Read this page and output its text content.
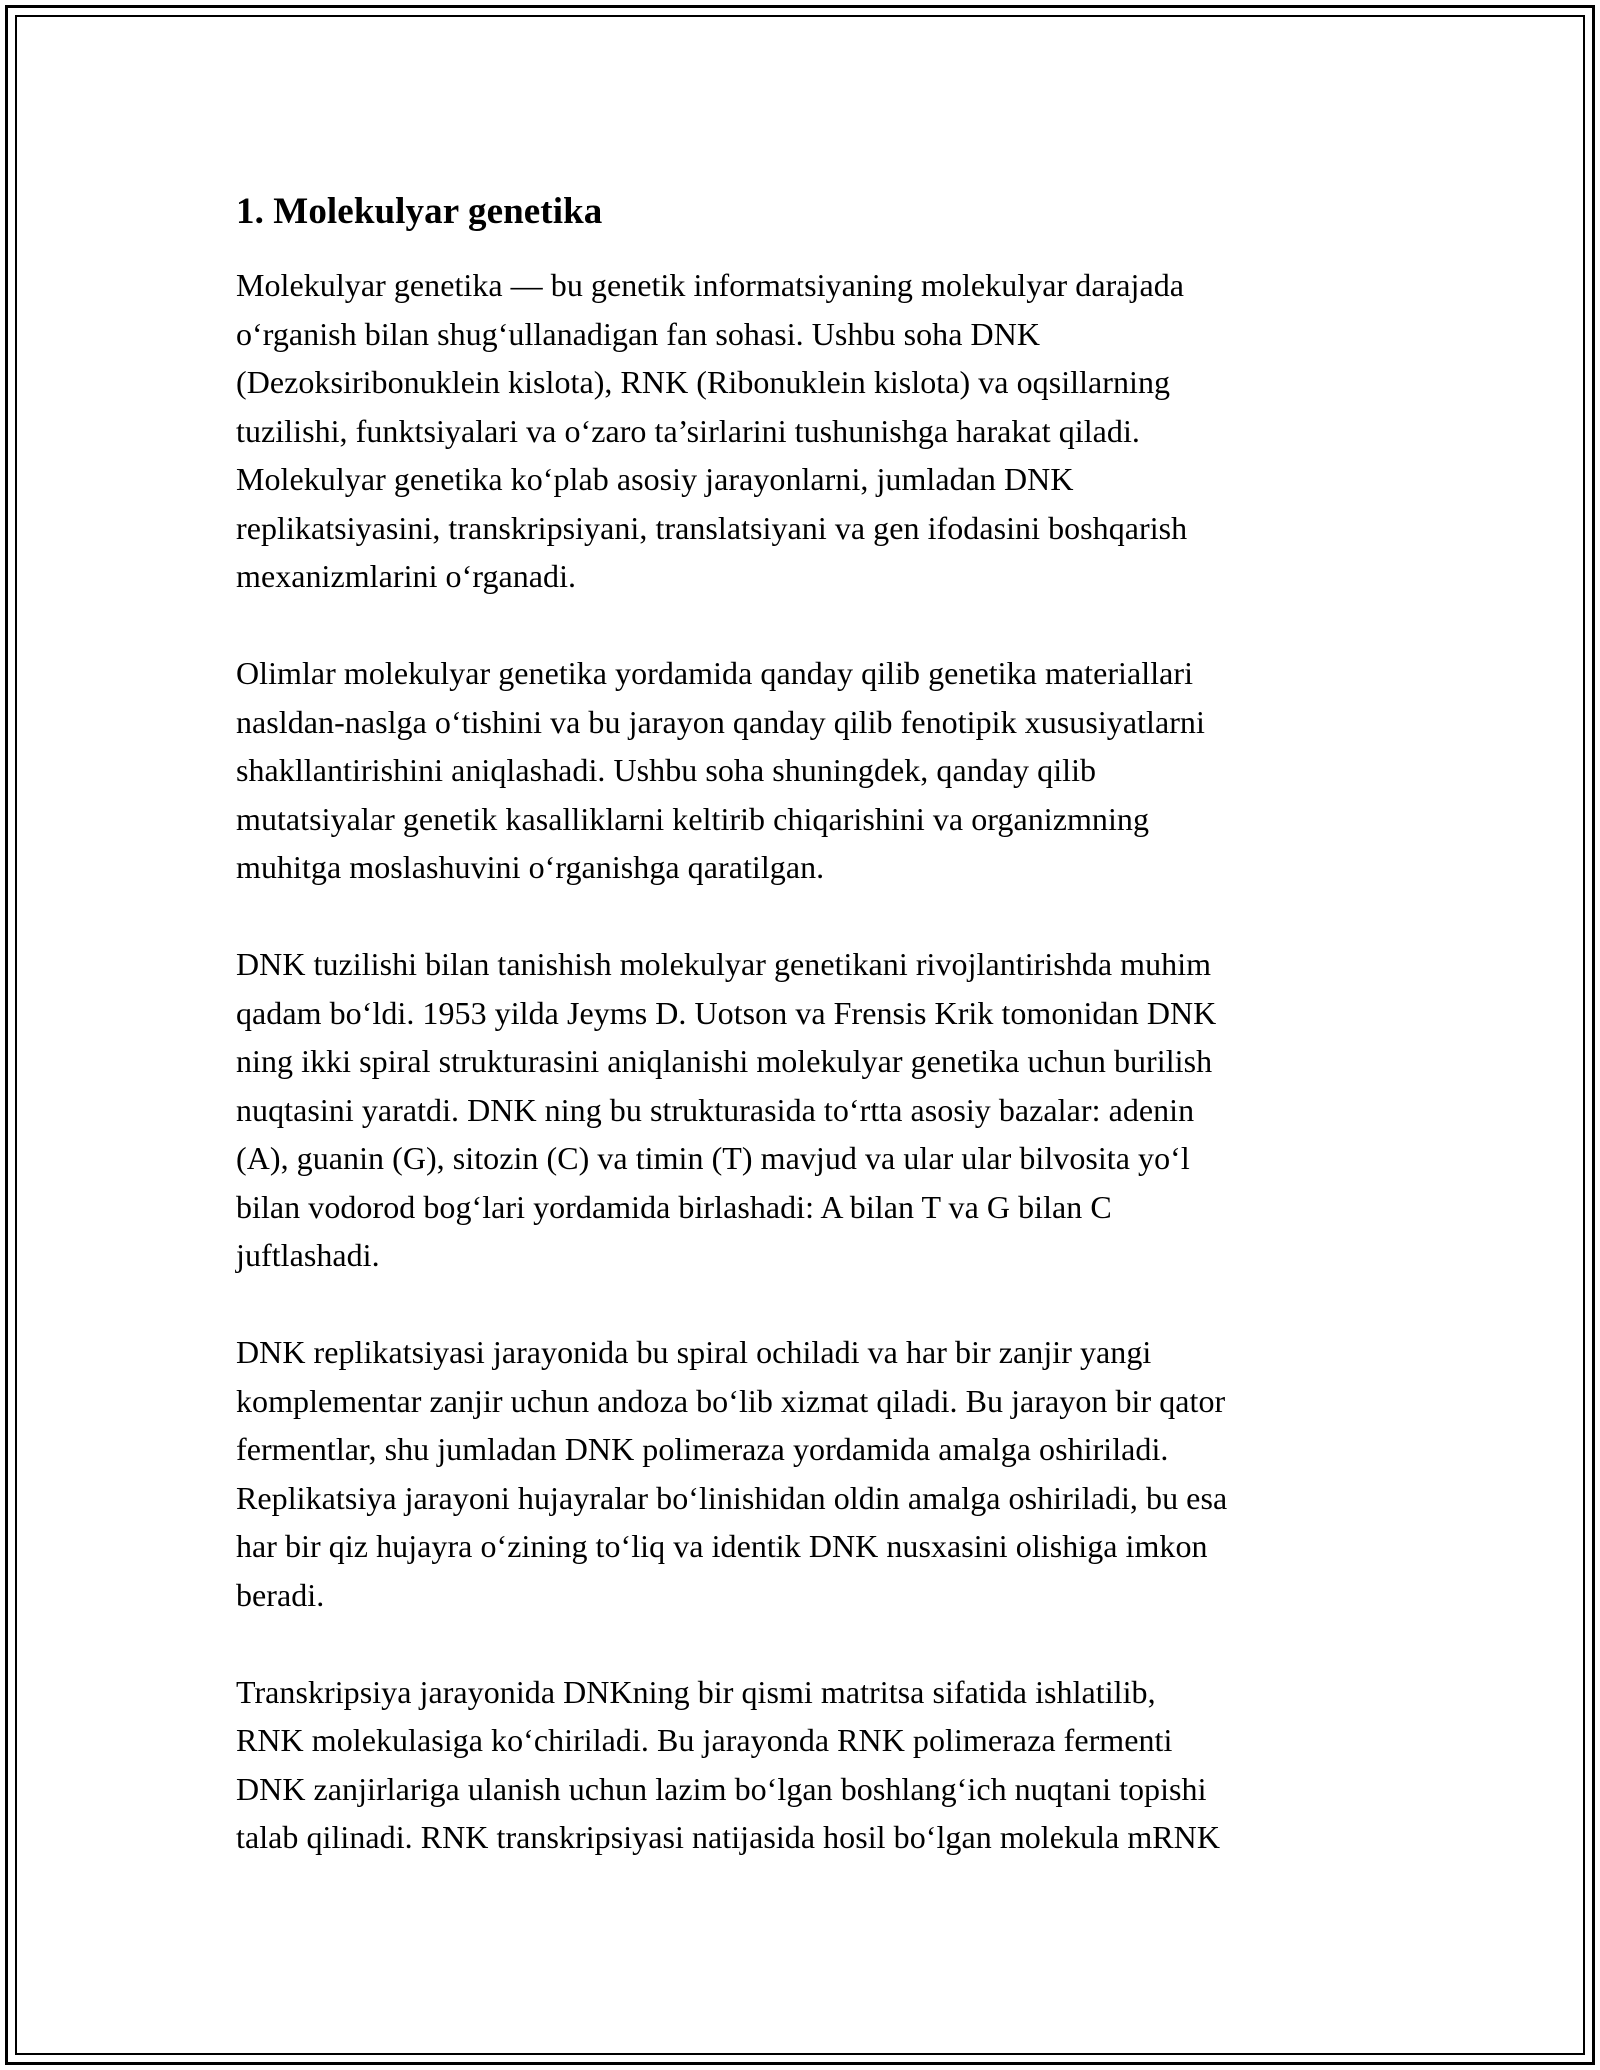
1. Molekulyar genetika

Molekulyar genetika — bu genetik informatsiyaning molekulyar darajada
o‘rganish bilan shug‘ullanadigan fan sohasi. Ushbu soha DNK
(Dezoksiribonuklein kislota), RNK (Ribonuklein kislota) va oqsillarning
tuzilishi, funktsiyalari va o‘zaro ta’sirlarini tushunishga harakat qiladi.
Molekulyar genetika ko‘plab asosiy jarayonlarni, jumladan DNK
replikatsiyasini, transkripsiyani, translatsiyani va gen ifodasini boshqarish
mexanizmlarini o‘rganadi.

Olimlar molekulyar genetika yordamida qanday qilib genetika materiallari
nasldan-naslga o‘tishini va bu jarayon qanday qilib fenotipik xususiyatlarni
shakllantirishini aniqlashadi. Ushbu soha shuningdek, qanday qilib
mutatsiyalar genetik kasalliklarni keltirib chiqarishini va organizmning
muhitga moslashuvini o‘rganishga qaratilgan.

DNK tuzilishi bilan tanishish molekulyar genetikani rivojlantirishda muhim
qadam bo‘ldi. 1953 yilda Jeyms D. Uotson va Frensis Krik tomonidan DNK
ning ikki spiral strukturasini aniqlanishi molekulyar genetika uchun burilish
nuqtasini yaratdi. DNK ning bu strukturasida to‘rtta asosiy bazalar: adenin
(A), guanin (G), sitozin (C) va timin (T) mavjud va ular ular bilvosita yo‘l
bilan vodorod bog‘lari yordamida birlashadi: A bilan T va G bilan C
juftlashadi.

DNK replikatsiyasi jarayonida bu spiral ochiladi va har bir zanjir yangi
komplementar zanjir uchun andoza bo‘lib xizmat qiladi. Bu jarayon bir qator
fermentlar, shu jumladan DNK polimeraza yordamida amalga oshiriladi.
Replikatsiya jarayoni hujayralar bo‘linishidan oldin amalga oshiriladi, bu esa
har bir qiz hujayra o‘zining to‘liq va identik DNK nusxasini olishiga imkon
beradi.

Transkripsiya jarayonida DNKning bir qismi matritsa sifatida ishlatilib,
RNK molekulasiga ko‘chiriladi. Bu jarayonda RNK polimeraza fermenti
DNK zanjirlariga ulanish uchun lazim bo‘lgan boshlang‘ich nuqtani topishi
talab qilinadi. RNK transkripsiyasi natijasida hosil bo‘lgan molekula mRNK
